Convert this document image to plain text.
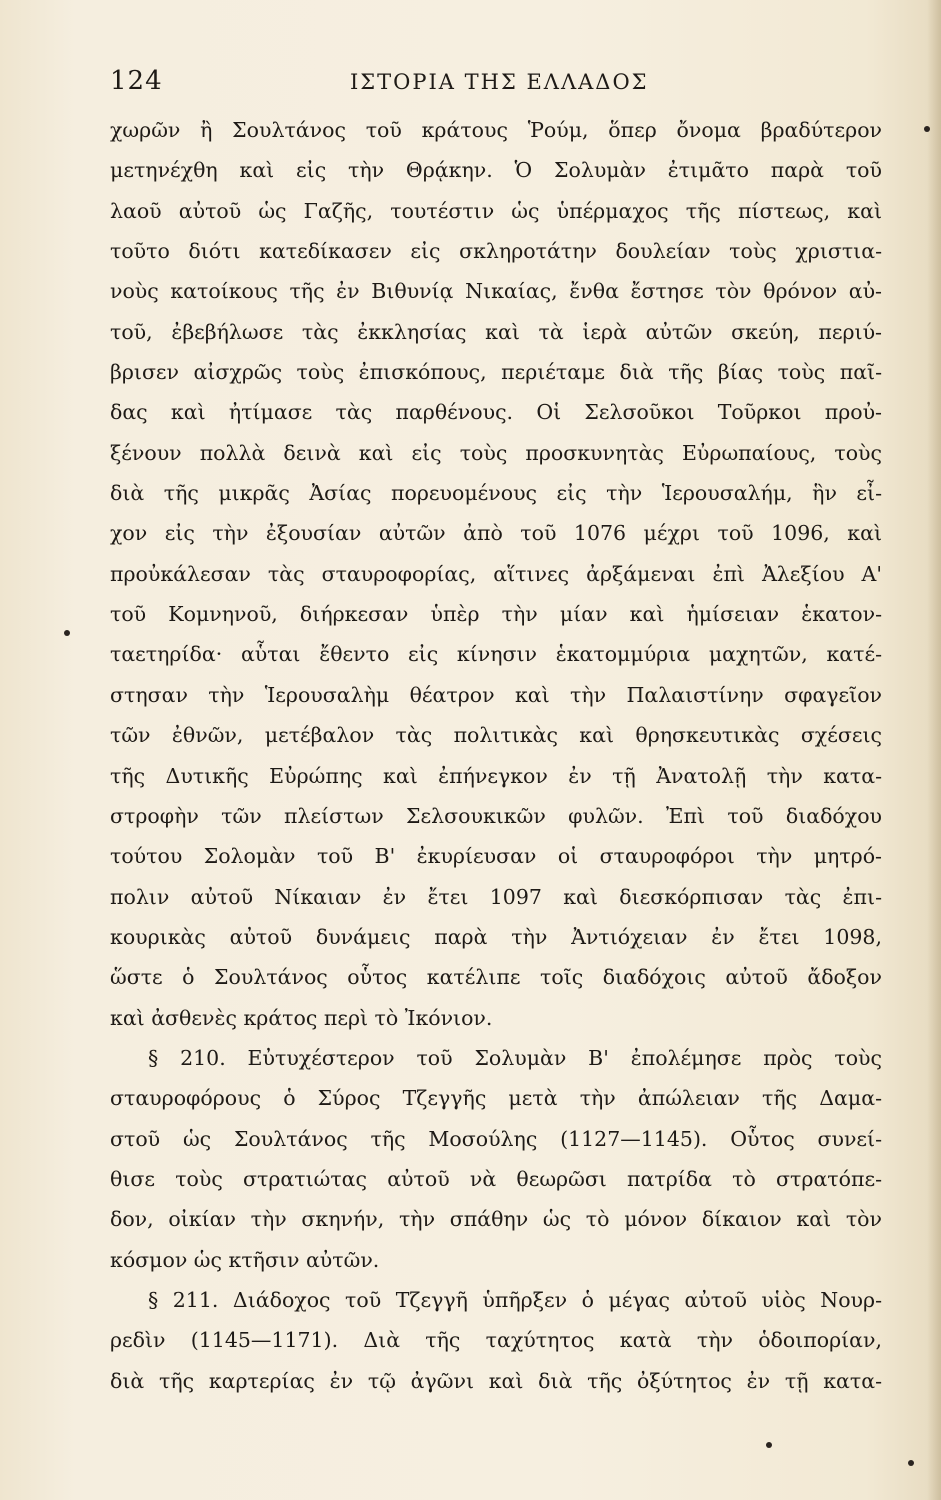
124	ΙΣΤΟΡΙΑ ΤΗΣ ΕΛΛΑΔΟΣ
χωρῶν ἢ Σουλτάνος τοῦ κράτους Ῥούμ, ὅπερ ὄνομα βραδύτερον
μετηνέχθη καὶ εἰς τὴν Θρᾴκην. Ὁ Σολυμὰν ἐτιμᾶτο παρὰ τοῦ
λαοῦ αὐτοῦ ὡς Γαζῆς, τουτέστιν ὡς ὑπέρμαχος τῆς πίστεως, καὶ
τοῦτο διότι κατεδίκασεν εἰς σκληροτάτην δουλείαν τοὺς χριστια-
νοὺς κατοίκους τῆς ἐν Βιθυνίᾳ Νικαίας, ἔνθα ἔστησε τὸν θρόνον αὐ-
τοῦ, ἐβεβήλωσε τὰς ἐκκλησίας καὶ τὰ ἱερὰ αὐτῶν σκεύη, περιύ-
βρισεν αἰσχρῶς τοὺς ἐπισκόπους, περιέταμε διὰ τῆς βίας τοὺς παῖ-
δας καὶ ἠτίμασε τὰς παρθένους. Οἱ Σελσοῦκοι Τοῦρκοι προὐ-
ξένουν πολλὰ δεινὰ καὶ εἰς τοὺς προσκυνητὰς Εὐρωπαίους, τοὺς
διὰ τῆς μικρᾶς Ἀσίας πορευομένους εἰς τὴν Ἱερουσαλήμ, ἣν εἶ-
χον εἰς τὴν ἐξουσίαν αὐτῶν ἀπὸ τοῦ 1076 μέχρι τοῦ 1096, καὶ
προὐκάλεσαν τὰς σταυροφορίας, αἵτινες ἀρξάμεναι ἐπὶ Ἀλεξίου Α'
τοῦ Κομνηνοῦ, διήρκεσαν ὑπὲρ τὴν μίαν καὶ ἡμίσειαν ἑκατον-
ταετηρίδα· αὗται ἔθεντο εἰς κίνησιν ἑκατομμύρια μαχητῶν, κατέ-
στησαν τὴν Ἱερουσαλὴμ θέατρον καὶ τὴν Παλαιστίνην σφαγεῖον
τῶν ἐθνῶν, μετέβαλον τὰς πολιτικὰς καὶ θρησκευτικὰς σχέσεις
τῆς Δυτικῆς Εὐρώπης καὶ ἐπήνεγκον ἐν τῇ Ἀνατολῇ τὴν κατα-
στροφὴν τῶν πλείστων Σελσουκικῶν φυλῶν. Ἐπὶ τοῦ διαδόχου
τούτου Σολομὰν τοῦ Β' ἐκυρίευσαν οἱ σταυροφόροι τὴν μητρό-
πολιν αὐτοῦ Νίκαιαν ἐν ἔτει 1097 καὶ διεσκόρπισαν τὰς ἐπι-
κουρικὰς αὐτοῦ δυνάμεις παρὰ τὴν Ἀντιόχειαν ἐν ἔτει 1098,
ὥστε ὁ Σουλτάνος οὗτος κατέλιπε τοῖς διαδόχοις αὐτοῦ ἄδοξον
καὶ ἀσθενὲς κράτος περὶ τὸ Ἰκόνιον.
§ 210. Εὐτυχέστερον τοῦ Σολυμὰν Β' ἐπολέμησε πρὸς τοὺς
σταυροφόρους ὁ Σύρος Τζεγγῆς μετὰ τὴν ἀπώλειαν τῆς Δαμα-
στοῦ ὡς Σουλτάνος τῆς Μοσούλης (1127—1145). Οὗτος συνεί-
θισε τοὺς στρατιώτας αὐτοῦ νὰ θεωρῶσι πατρίδα τὸ στρατόπε-
δον, οἰκίαν τὴν σκηνήν, τὴν σπάθην ὡς τὸ μόνον δίκαιον καὶ τὸν
κόσμον ὡς κτῆσιν αὐτῶν.
§ 211. Διάδοχος τοῦ Τζεγγῆ ὑπῆρξεν ὁ μέγας αὐτοῦ υἱὸς Νουρ-
ρεδὶν (1145—1171). Διὰ τῆς ταχύτητος κατὰ τὴν ὁδοιπορίαν,
διὰ τῆς καρτερίας ἐν τῷ ἀγῶνι καὶ διὰ τῆς ὀξύτητος ἐν τῇ κατα-
